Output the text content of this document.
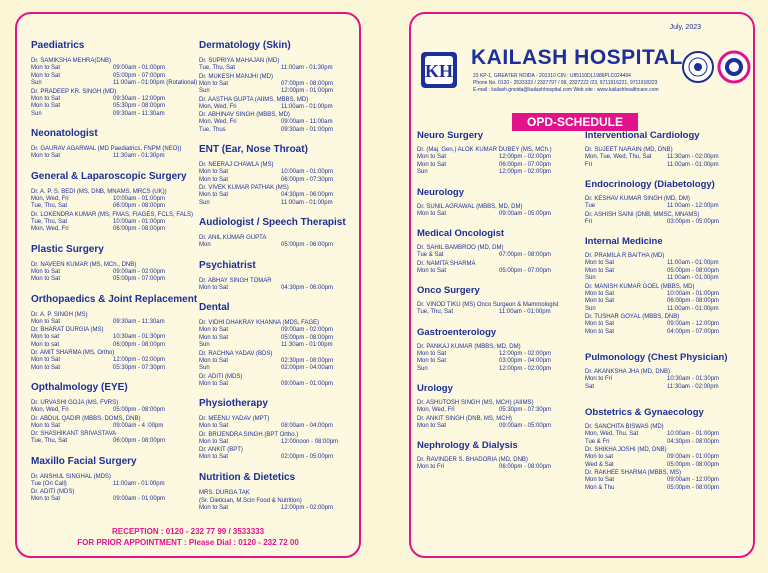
Paediatrics
Dr. SAMIKSHA MEHRA(DNB)
Mon to Sat	09:00am - 01:00pm
Mon to Sat	05:00pm - 07:00pm
Sun	11:00am - 01:00pm (Rotational)
Dr. PRADEEP KR. SINGH (MD)
Mon to Sat	09:30am - 12:00pm
Mon to Sat	05:30pm - 08:00pm
Sun	09:30am - 11:30am
Neonatologist
Dr. GAURAV AGARWAL (MD Paediatrics, FNPM (NEO))
Mon to Sat	11:30am - 01:30pm
General & Laparoscopic Surgery
Dr. A. P. S. BEDI (MS, DNB, MNAMS, MRCS (UK))
Mon, Wed, Fri	10:00am - 01:00pm
Tue, Thu, Sat	06:00pm - 08:00pm
Dr. LOKENDRA KUMAR (MS, FMAS, FIAGES, FCLS, FALS)
Tue, Thu, Sat	10:00am - 01:00pm
Mon, Wed, Fri	06:00pm - 08:00pm
Plastic Surgery
Dr. NAVEEN KUMAR (MS, MCh., DNB)
Mon to Sat	09:00am - 02:00pm
Mon to Sat	05:00pm - 07:00pm
Orthopaedics & Joint Replacement
Dr. A. P. SINGH (MS)
Mon to Sat	09:30am - 11:30am
Dr. BHARAT DURGIA (MS)
Mon to sat	10:30am - 01:30pm
Mon to sat	06:00pm - 08:00pm
Dr. AMIT SHARMA (MS, Ortho)
Mon to Sat	12:00pm - 02:00pm
Mon to Sat	05:30pm - 07:30pm
Opthalmology (EYE)
Dr. URVASHI GOJA (MS, FVRS)
Mon, Wed, Fri	05:00pm - 08:00pm
Dr. ABDUL QADIR (MBBS, DOMS, DNB)
Mon to Sat	09:00am - 4 :00pm
Dr. SHASHIKANT SRIVASTAVA
Tue, Thu, Sat	06:00pm - 08:00pm
Maxillo Facial Surgery
Dr. ANSHUL SINGHAL (MDS)
Tue (On Call)	11:00am - 01:00pm
Dr. ADITI (MDS)
Mon to Sat	09:00am - 01:00pm
Dermatology (Skin)
Dr. SUPRIYA MAHAJAN (MD)
Tue, Thu, Sat	11:00am - 01:30pm
Dr. MUKESH MANJHI (MD)
Mon to Sat	07:00pm - 08:00pm
Sun	12:00pm - 01:00pm
Dr. AASTHA GUPTA (AIIMS, MBBS, MD)
Mon, Wed, Fri	11:00am - 01:00pm
Dr. ABHINAV SINGH (MBBS, MD)
Mon, Wed, Fri	09:00am - 11:00am
Tue, Thus	09:30am - 01:00pm
ENT (Ear, Nose Throat)
Dr. NEERAJ CHAWLA (MS)
Mon to Sat	10:00am - 01:00pm
Mon to Sat	06:00pm - 07:30pm
Dr. VIVEK KUMAR PATHAK (MS)
Mon to Sat	04:30pm - 06:00pm
Sun	11:00am - 01:00pm
Audiologist / Speech Therapist
Dr. ANIL KUMAR GUPTA
Mon	05:00pm - 06:00pm
Psychiatrist
Dr. ABHAY SINGH TOMAR
Mon to Sat	04:30pm - 06:00pm
Dental
Dr. VIDHI DHAKRAY KHANNA (MDS, FAGE)
Mon to Sat	09:00am - 02:00pm
Mon to Sat	05:00pm - 08:00pm
Sun	11:30am - 01:00pm
Dr. RACHNA YADAV (BDS)
Mon to Sat	02:30pm - 08:00pm
Sun	02:00pm - 04:00am
Dr. ADITI (MDS)
Mon to Sat	09:00am - 01:00pm
Physiotherapy
Dr. MEENU YADAV (MPT)
Mon to Sat	08:00am - 04:00pm
Dr. BRIJENDRA SINGH (BPT Ortho.)
Mon to Sat	12:00noon - 08:00pm
Dr. ANKIT (BPT)
Mon to Sat	02:00pm - 05:00pm
Nutrition & Dietetics
MRS. DURGA TAK
(Sr. Dietician, M.Scin Food & Nutrition)
Mon to Sat	12:00pm - 02:00pm
RECEPTION : 0120 - 232 77 99 / 3533333
FOR PRIOR APPOINTMENT : Please Dial : 0120 - 232 72 00
July, 2023
KH
KAILASH HOSPITAL
23 KP-1, GREATER NOIDA - 201310 CIN : U85110DL1986PLC024494
Phone No. 0120 - 3533333 / 2327797 / 99, 2327222 /23, 9711916221, 9711918223
E-mail : kailash.gnoida@kailashhospital.com Web site : www.kailashhealthcare.com
OPD-SCHEDULE
Neuro Surgery
Dr. (Maj. Gen.) ALOK KUMAR DUBEY (MS, MCh.)
Mon to Sat	12:00pm - 02:00pm
Mon to Sat	06:00pm - 07:00pm
Sun	12:00pm - 02:00pm
Neurology
Dr. SUNIL AGRAWAL (MBBS, MD, DM)
Mon to Sat	09:00am - 05:00pm
Medical Oncologist
Dr. SAHIL BAMBROO (MD, DM)
Tue & Sat	07:00pm - 08:00pm
Dr. NAMITA SHARMA
Mon to Sat	05:00pm - 07:00pm
Onco Surgery
Dr. VINOD TIKU (MS) Onco Surgeon & Mammologist
Tue, Thu, Sat	11:00am - 01:00pm
Gastroenterology
Dr. PANKAJ KUMAR (MBBS, MD, DM)
Mon to Sat	12:00pm - 02:00pm
Mon to Sat	03:00pm - 04:00pm
Sun	12:00pm - 02:00pm
Urology
Dr. ASHUTOSH SINGH (MS, MCH) (AIIMS)
Mon, Wed, Fri	05:30pm - 07:30pm
Dr. ANKIT SINGH (DNB, MS, MCH)
Mon to Sat	09:00am - 05:00pm
Nephrology & Dialysis
Dr. RAVINDER S. BHADORIA (MD, DNB)
Mon to Fri	06:00pm - 08:00pm
Interventional Cardiology
Dr. SUJEET NARAIN (MD, DNB)
Mon, Tue, Wed, Thu, Sat	11:30am - 02:00pm
Fri	11:00am - 01:00pm
Endocrinology (Diabetology)
Dr. KESHAV KUMAR SINGH (MD, DM)
Tue	11:00am - 12:00pm
Dr. ASHISH SAINI (DNB, MMSC, MNAMS)
Fri	03:00pm - 05:00pm
Internal Medicine
Dr. PRAMILA R BAITHA (MD)
Mon to Sat	11:00am - 01:00pm
Mon to Sat	05:00pm - 08:00pm
Sun	11:00am - 01:00pm
Dr. MANISH KUMAR GOEL (MBBS, MD)
Mon to Sat	10:00am - 01:00pm
Mon to Sat	06:00pm - 08:00pm
Sun	11:00am - 01:00pm
Dr. TUSHAR GOYAL (MBBS, DNB)
Mon to Sat	09:00am - 12:00pm
Mon to Sat	04:00pm - 07:00pm
Pulmonology (Chest Physician)
Dr. AKANKSHA JHA (MD, DNB)
Mon to Fri	10:30am - 01:30pm
Sat	11:30am - 02:00pm
Obstetrics & Gynaecology
Dr. SANCHITA BISWAS (MD)
Mon, Wed, Thu, Sat	10:00am - 01:00pm
Tue & Fri	04:30pm - 08:00pm
Dr. SHIKHA JOSHI (MD, DNB)
Mon to sat	09:00am - 01:00pm
Wed & Sat	05:00pm - 08:00pm
Dr. RAKHEE SHARMA (MBBS, MS)
Mon to Sat	09:00am - 12:00pm
Mon & Thu	05:00pm - 08:00pm
